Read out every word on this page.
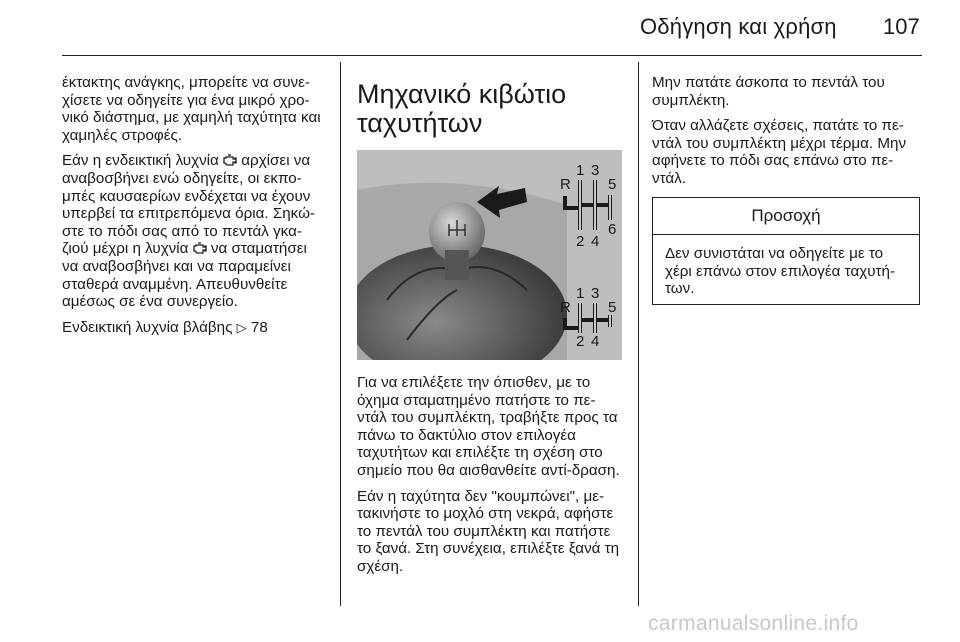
Οδήγηση και χρήση 107

έκτακτης ανάγκης, μπορείτε να συνε-χίσετε να οδηγείτε για ένα μικρό χρο-νικό διάστημα, με χαμηλή ταχύτητα και χαμηλές στροφές.

Εάν η ενδεικτική λυχνία  αρχίσει να αναβοσβήνει ενώ οδηγείτε, οι εκπο-μπές καυσαερίων ενδέχεται να έχουν υπερβεί τα επιτρεπόμενα όρια. Σηκώ-στε το πόδι σας από το πεντάλ γκα-ζιού μέχρι η λυχνία  να σταματήσει να αναβοσβήνει και να παραμείνει σταθερά αναμμένη. Απευθυνθείτε αμέσως σε ένα συνεργείο.

Ενδεικτική λυχνία βλάβης ▷ 78

Μηχανικό κιβώτιο ταχυτήτων
R
1 3
5
2 4
6
R
1 3
5
2 4

Για να επιλέξετε την όπισθεν, με το όχημα σταματημένο πατήστε το πε-ντάλ του συμπλέκτη, τραβήξτε προς τα πάνω το δακτύλιο στον επιλογέα ταχυτήτων και επιλέξτε τη σχέση στο σημείο που θα αισθανθείτε αντί-δραση.

Εάν η ταχύτητα δεν "κουμπώνει", με-τακινήστε το μοχλό στη νεκρά, αφήστε το πεντάλ του συμπλέκτη και πατήστε το ξανά. Στη συνέχεια, επιλέξτε ξανά τη σχέση.

Μην πατάτε άσκοπα το πεντάλ του συμπλέκτη.

Όταν αλλάζετε σχέσεις, πατάτε το πε-ντάλ του συμπλέκτη μέχρι τέρμα. Μην αφήνετε το πόδι σας επάνω στο πε-ντάλ.

Προσοχή
Δεν συνιστάται να οδηγείτε με το χέρι επάνω στον επιλογέα ταχυτή-των.
carmanualsonline.info
